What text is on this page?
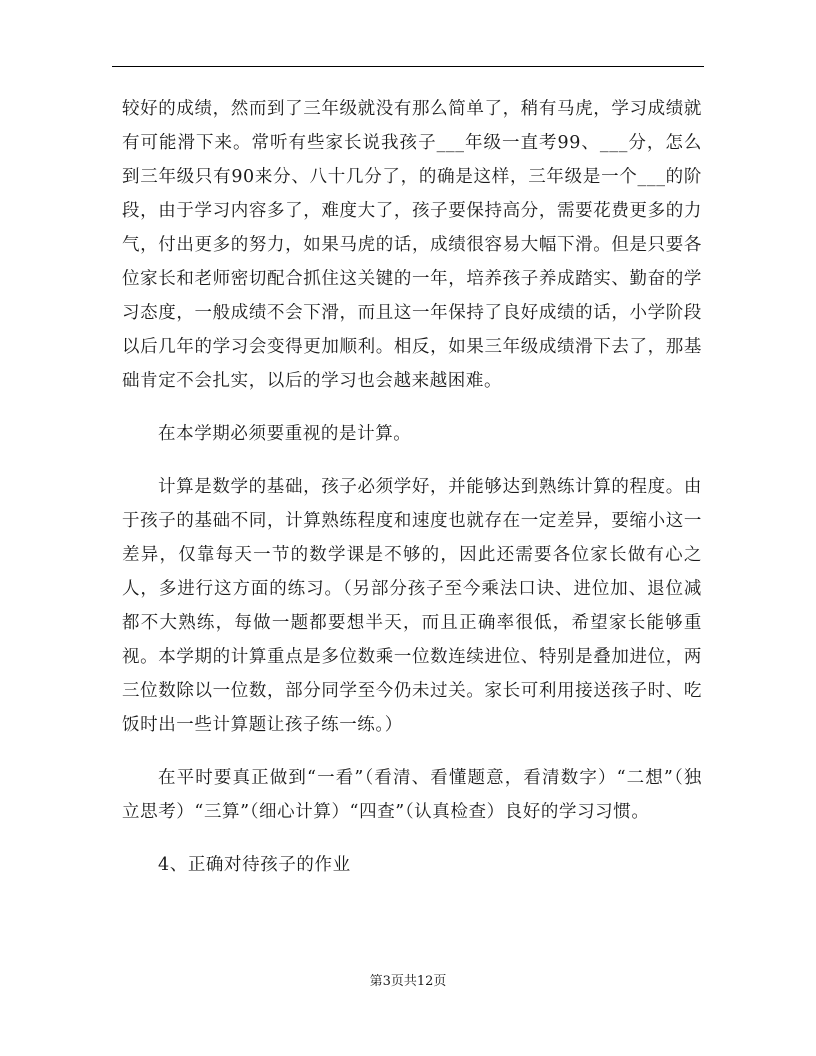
较好的成绩，然而到了三年级就没有那么简单了，稍有马虎，学习成绩就有可能滑下来。常听有些家长说我孩子___年级一直考99、___分，怎么到三年级只有90来分、八十几分了，的确是这样，三年级是一个___的阶段，由于学习内容多了，难度大了，孩子要保持高分，需要花费更多的力气，付出更多的努力，如果马虎的话，成绩很容易大幅下滑。但是只要各位家长和老师密切配合抓住这关键的一年，培养孩子养成踏实、勤奋的学习态度，一般成绩不会下滑，而且这一年保持了良好成绩的话，小学阶段以后几年的学习会变得更加顺利。相反，如果三年级成绩滑下去了，那基础肯定不会扎实，以后的学习也会越来越困难。

在本学期必须要重视的是计算。

计算是数学的基础，孩子必须学好，并能够达到熟练计算的程度。由于孩子的基础不同，计算熟练程度和速度也就存在一定差异，要缩小这一差异，仅靠每天一节的数学课是不够的，因此还需要各位家长做有心之人，多进行这方面的练习。（另部分孩子至今乘法口诀、进位加、退位减都不大熟练，每做一题都要想半天，而且正确率很低，希望家长能够重视。本学期的计算重点是多位数乘一位数连续进位、特别是叠加进位，两三位数除以一位数，部分同学至今仍未过关。家长可利用接送孩子时、吃饭时出一些计算题让孩子练一练。）

在平时要真正做到“一看”（看清、看懂题意，看清数字）“二想”（独立思考）“三算”（细心计算）“四查”（认真检查）良好的学习习惯。

4、正确对待孩子的作业

第3页共12页
